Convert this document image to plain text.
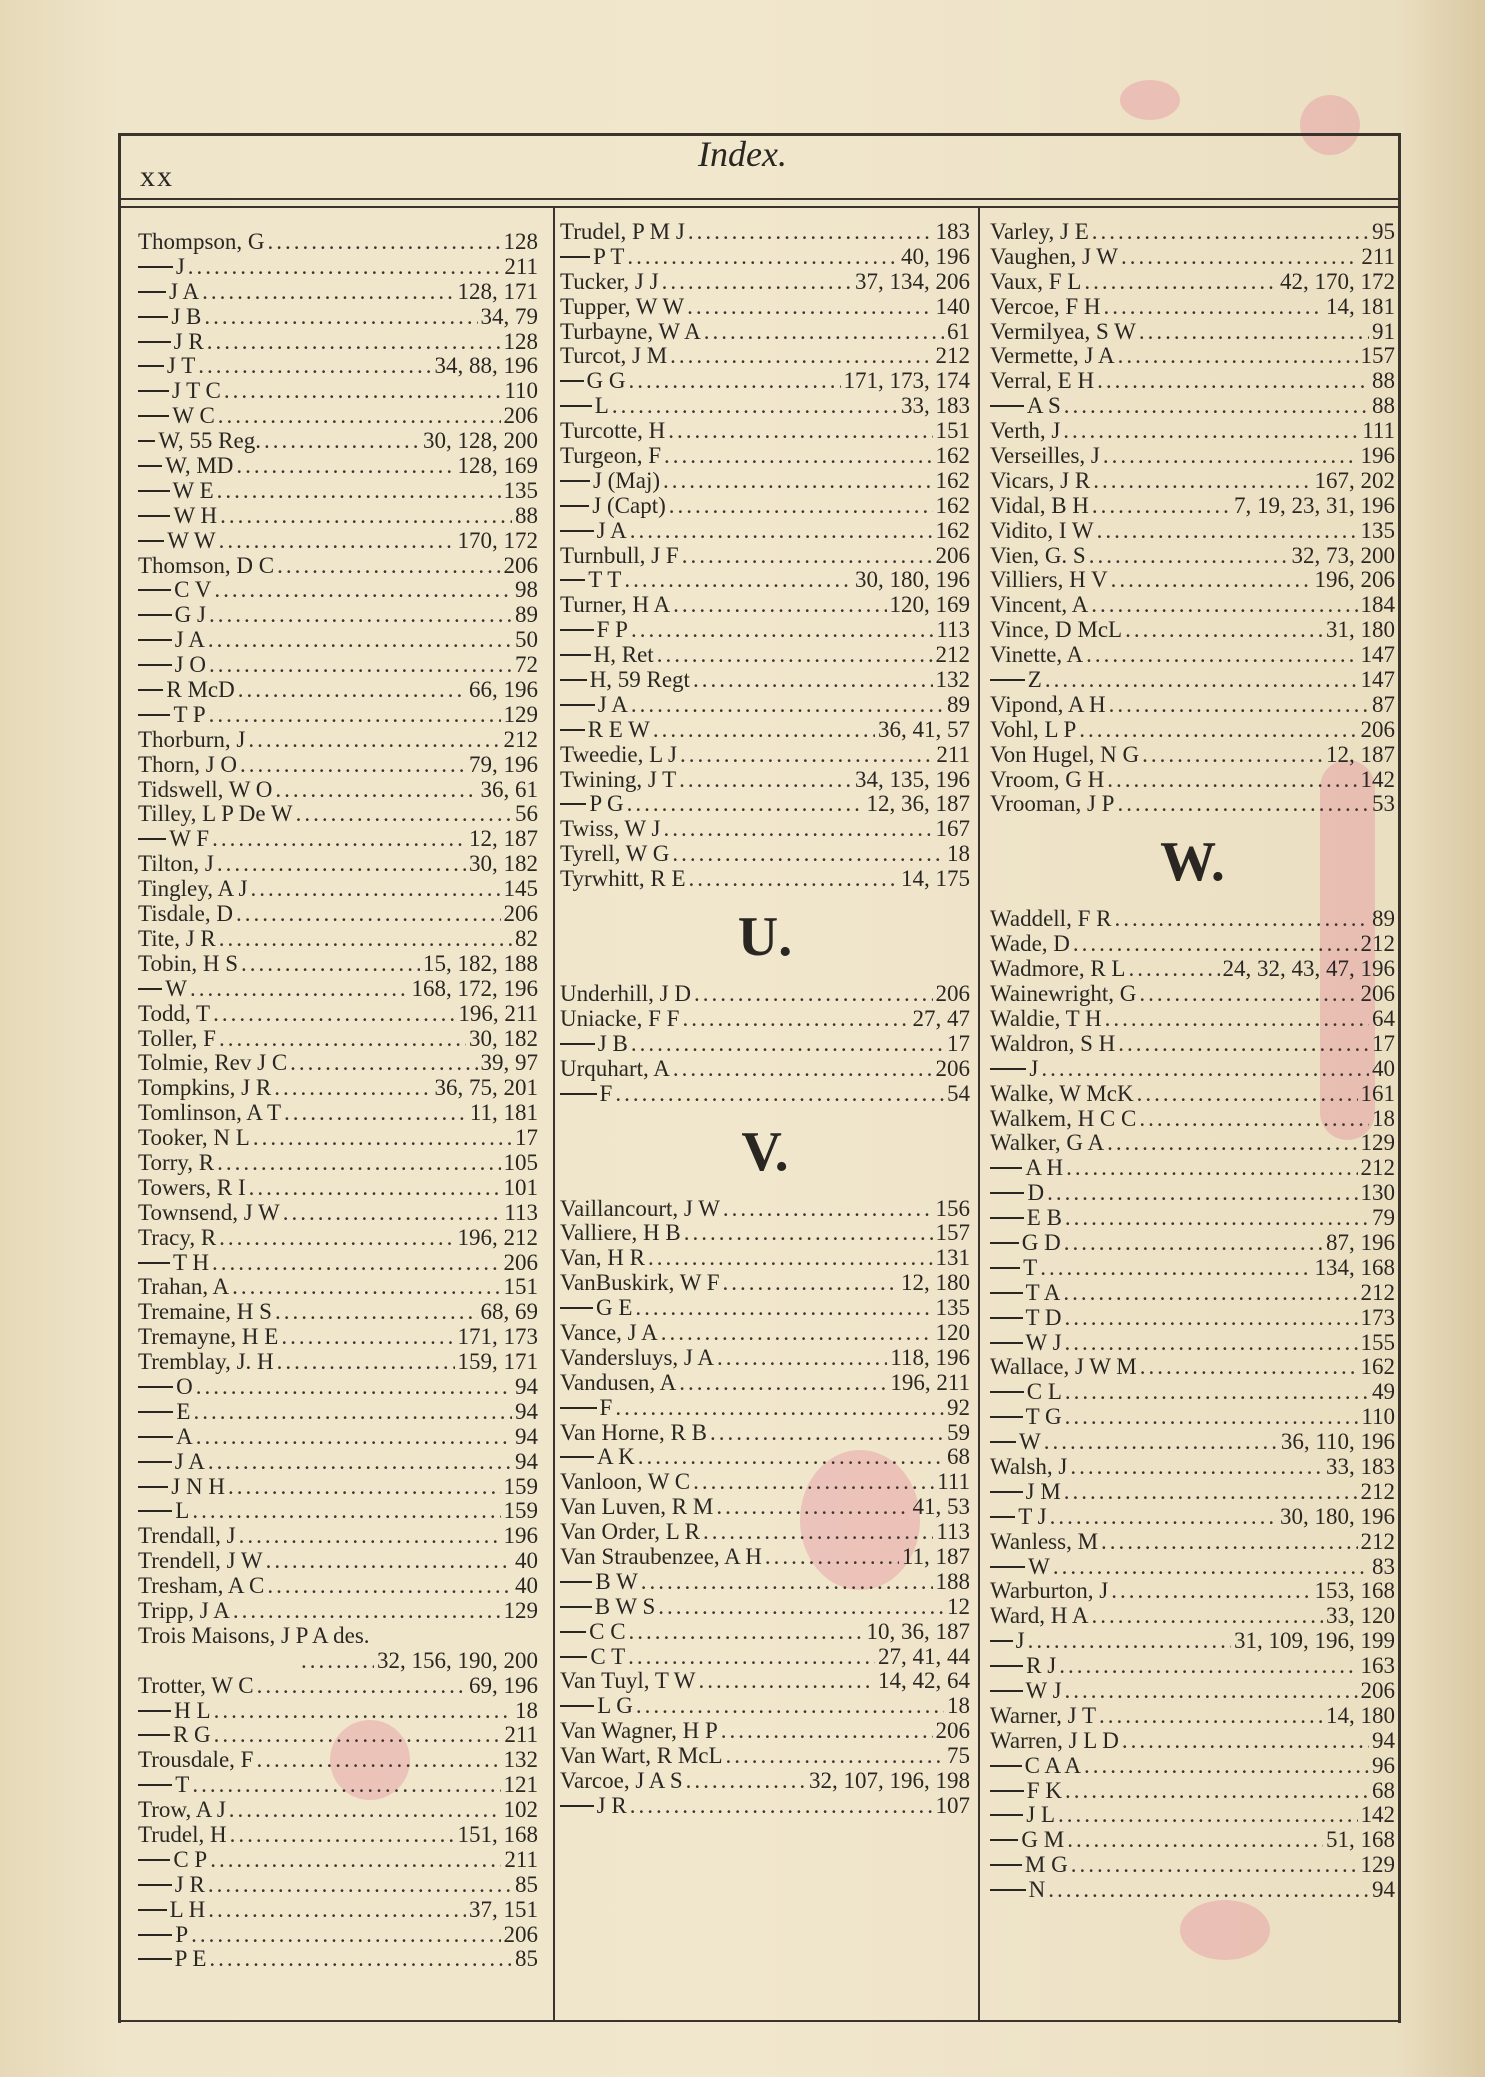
xx
Index.
Thompson, G .....	128
J .....	211
J A .....	128, 171
J B .....	34, 79
J R .....	128
J T .....	34, 88, 196
J T C .....	110
W C .....	206
W, 55 Reg. .....	30, 128, 200
W, MD .....	128, 169
W E .....	135
W H .....	88
W W .....	170, 172
Thomson, D C .....	206
C V .....	98
G J .....	89
J A .....	50
J O .....	72
R McD .....	66, 196
T P .....	129
Thorburn, J .....	212
Thorn, J O .....	79, 196
Tidswell, W O .....	36, 61
Tilley, L P De W .....	56
W F .....	12, 187
Tilton, J .....	30, 182
Tingley, A J .....	145
Tisdale, D .....	206
Tite, J R .....	82
Tobin, H S .....	15, 182, 188
W .....	168, 172, 196
Todd, T .....	196, 211
Toller, F .....	30, 182
Tolmie, Rev J C .....	39, 97
Tompkins, J R .....	36, 75, 201
Tomlinson, A T .....	11, 181
Tooker, N L .....	17
Torry, R .....	105
Towers, R I .....	101
Townsend, J W .....	113
Tracy, R .....	196, 212
T H .....	206
Trahan, A .....	151
Tremaine, H S .....	68, 69
Tremayne, H E .....	171, 173
Tremblay, J. H .....	159, 171
O .....	94
E .....	94
A .....	94
J A .....	94
J N H .....	159
L .....	159
Trendall, J .....	196
Trendell, J W .....	40
Tresham, A C .....	40
Tripp, J A .....	129
Trois Maisons, J P A des.
.....
32, 156, 190, 200
Trotter, W C .....	69, 196
H L .....	18
R G .....	211
Trousdale, F .....	132
T .....	121
Trow, A J .....	102
Trudel, H .....	151, 168
C P .....	211
J R .....	85
L H .....	37, 151
P .....	206
P E .....	85
Trudel, P M J .....	183
P T .....	40, 196
Tucker, J J .....	37, 134, 206
Tupper, W W .....	140
Turbayne, W A .....	61
Turcot, J M .....	212
G G .....	171, 173, 174
L .....	33, 183
Turcotte, H .....	151
Turgeon, F .....	162
J (Maj) .....	162
J (Capt) .....	162
J A .....	162
Turnbull, J F .....	206
T T .....	30, 180, 196
Turner, H A .....	120, 169
F P .....	113
H, Ret .....	212
H, 59 Regt .....	132
J A .....	89
R E W .....	36, 41, 57
Tweedie, L J .....	211
Twining, J T .....	34, 135, 196
P G .....	12, 36, 187
Twiss, W J .....	167
Tyrell, W G .....	18
Tyrwhitt, R E .....	14, 175
U.
Underhill, J D .....	206
Uniacke, F F .....	27, 47
J B .....	17
Urquhart, A .....	206
F .....	54
V.
Vaillancourt, J W .....	156
Valliere, H B .....	157
Van, H R .....	131
VanBuskirk, W F .....	12, 180
G E .....	135
Vance, J A .....	120
Vandersluys, J A .....	118, 196
Vandusen, A .....	196, 211
F .....	92
Van Horne, R B .....	59
A K .....	68
Vanloon, W C .....	111
Van Luven, R M .....	41, 53
Van Order, L R .....	113
Van Straubenzee, A H .....	11, 187
B W .....	188
B W S .....	12
C C .....	10, 36, 187
C T .....	27, 41, 44
Van Tuyl, T W .....	14, 42, 64
L G .....	18
Van Wagner, H P .....	206
Van Wart, R McL .....	75
Varcoe, J A S .....	32, 107, 196, 198
J R .....	107
Varley, J E .....	95
Vaughen, J W .....	211
Vaux, F L .....	42, 170, 172
Vercoe, F H .....	14, 181
Vermilyea, S W .....	91
Vermette, J A .....	157
Verral, E H .....	88
A S .....	88
Verth, J .....	111
Verseilles, J .....	196
Vicars, J R .....	167, 202
Vidal, B H .....	7, 19, 23, 31, 196
Vidito, I W .....	135
Vien, G. S .....	32, 73, 200
Villiers, H V .....	196, 206
Vincent, A .....	184
Vince, D McL .....	31, 180
Vinette, A .....	147
Z .....	147
Vipond, A H .....	87
Vohl, L P .....	206
Von Hugel, N G .....	12, 187
Vroom, G H .....	142
Vrooman, J P .....	53
W.
Waddell, F R .....	89
Wade, D .....	212
Wadmore, R L .....	24, 32, 43, 47, 196
Wainewright, G .....	206
Waldie, T H .....	64
Waldron, S H .....	17
J .....	40
Walke, W McK .....	161
Walkem, H C C .....	18
Walker, G A .....	129
A H .....	212
D .....	130
E B .....	79
G D .....	87, 196
T .....	134, 168
T A .....	212
T D .....	173
W J .....	155
Wallace, J W M .....	162
C L .....	49
T G .....	110
W .....	36, 110, 196
Walsh, J .....	33, 183
J M .....	212
T J .....	30, 180, 196
Wanless, M .....	212
W .....	83
Warburton, J .....	153, 168
Ward, H A .....	33, 120
J .....	31, 109, 196, 199
R J .....	163
W J .....	206
Warner, J T .....	14, 180
Warren, J L D .....	94
C A A .....	96
F K .....	68
J L .....	142
G M .....	51, 168
M G .....	129
N .....	94
